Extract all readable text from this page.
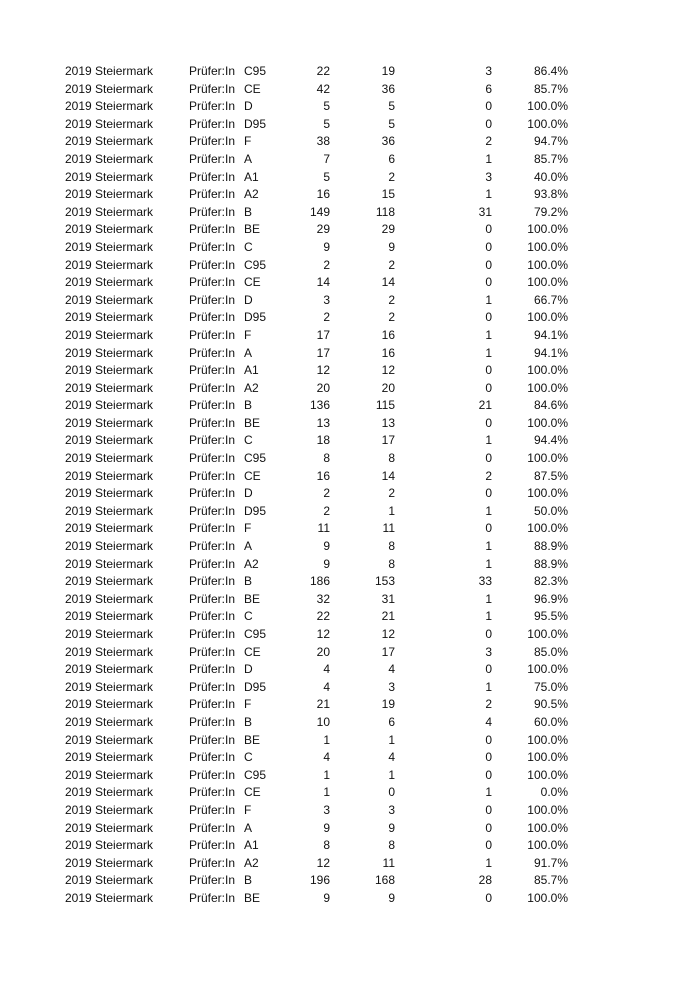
2019 Steiermark	Prüfer:In C95	22	19	3	86.4%
2019 Steiermark	Prüfer:In CE	42	36	6	85.7%
2019 Steiermark	Prüfer:In D	5	5	0	100.0%
2019 Steiermark	Prüfer:In D95	5	5	0	100.0%
2019 Steiermark	Prüfer:In F	38	36	2	94.7%
2019 Steiermark	Prüfer:In A	7	6	1	85.7%
2019 Steiermark	Prüfer:In A1	5	2	3	40.0%
2019 Steiermark	Prüfer:In A2	16	15	1	93.8%
2019 Steiermark	Prüfer:In B	149	118	31	79.2%
2019 Steiermark	Prüfer:In BE	29	29	0	100.0%
2019 Steiermark	Prüfer:In C	9	9	0	100.0%
2019 Steiermark	Prüfer:In C95	2	2	0	100.0%
2019 Steiermark	Prüfer:In CE	14	14	0	100.0%
2019 Steiermark	Prüfer:In D	3	2	1	66.7%
2019 Steiermark	Prüfer:In D95	2	2	0	100.0%
2019 Steiermark	Prüfer:In F	17	16	1	94.1%
2019 Steiermark	Prüfer:In A	17	16	1	94.1%
2019 Steiermark	Prüfer:In A1	12	12	0	100.0%
2019 Steiermark	Prüfer:In A2	20	20	0	100.0%
2019 Steiermark	Prüfer:In B	136	115	21	84.6%
2019 Steiermark	Prüfer:In BE	13	13	0	100.0%
2019 Steiermark	Prüfer:In C	18	17	1	94.4%
2019 Steiermark	Prüfer:In C95	8	8	0	100.0%
2019 Steiermark	Prüfer:In CE	16	14	2	87.5%
2019 Steiermark	Prüfer:In D	2	2	0	100.0%
2019 Steiermark	Prüfer:In D95	2	1	1	50.0%
2019 Steiermark	Prüfer:In F	11	11	0	100.0%
2019 Steiermark	Prüfer:In A	9	8	1	88.9%
2019 Steiermark	Prüfer:In A2	9	8	1	88.9%
2019 Steiermark	Prüfer:In B	186	153	33	82.3%
2019 Steiermark	Prüfer:In BE	32	31	1	96.9%
2019 Steiermark	Prüfer:In C	22	21	1	95.5%
2019 Steiermark	Prüfer:In C95	12	12	0	100.0%
2019 Steiermark	Prüfer:In CE	20	17	3	85.0%
2019 Steiermark	Prüfer:In D	4	4	0	100.0%
2019 Steiermark	Prüfer:In D95	4	3	1	75.0%
2019 Steiermark	Prüfer:In F	21	19	2	90.5%
2019 Steiermark	Prüfer:In B	10	6	4	60.0%
2019 Steiermark	Prüfer:In BE	1	1	0	100.0%
2019 Steiermark	Prüfer:In C	4	4	0	100.0%
2019 Steiermark	Prüfer:In C95	1	1	0	100.0%
2019 Steiermark	Prüfer:In CE	1	0	1	0.0%
2019 Steiermark	Prüfer:In F	3	3	0	100.0%
2019 Steiermark	Prüfer:In A	9	9	0	100.0%
2019 Steiermark	Prüfer:In A1	8	8	0	100.0%
2019 Steiermark	Prüfer:In A2	12	11	1	91.7%
2019 Steiermark	Prüfer:In B	196	168	28	85.7%
2019 Steiermark	Prüfer:In BE	9	9	0	100.0%
